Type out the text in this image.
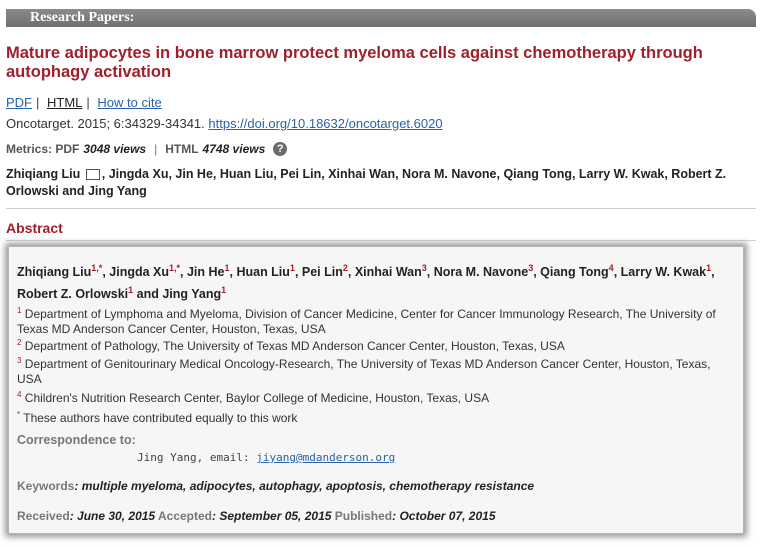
Research Papers:
Mature adipocytes in bone marrow protect myeloma cells against chemotherapy through autophagy activation
PDF | HTML | How to cite
Oncotarget. 2015; 6:34329-34341. https://doi.org/10.18632/oncotarget.6020
Metrics:
PDF 3048 views | HTML 4748 views	?
Zhiqiang Liu , Jingda Xu, Jin He, Huan Liu, Pei Lin, Xinhai Wan, Nora M. Navone, Qiang Tong, Larry W. Kwak, Robert Z. Orlowski and Jing Yang
Abstract
Zhiqiang Liu$^{1,*}$, Jingda $Xu^{1,*}$, Jin He$^1$, Huan Liu$^1$, Pei Lin$^2$, Xinhai Wan$^3$, Nora M. Navone$^3$, Qiang Tong$^4$, Larry W. Kwak$^1$, Robert Z. Orlowski$^1$ and Jing Yang$^1$
$^1$ Department of Lymphoma and Myeloma, Division of Cancer Medicine, Center for Cancer Immunology Research, The University of Texas MD Anderson Cancer Center, Houston, Texas, USA
$^2$ Department of Pathology, The University of Texas MD Anderson Cancer Center, Houston, Texas, USA
$^3$ Department of Genitourinary Medical Oncology-Research, The University of Texas MD Anderson Cancer Center, Houston, Texas, USA
$^4$ Children's Nutrition Research Center, Baylor College of Medicine, Houston, Texas, USA
* These authors have contributed equally to this work
Correspondence to:
Jing Yang, email: jiyang@mdanderson.org
Keywords: multiple myeloma, adipocytes, autophagy, apoptosis, chemotherapy resistance
Received: June 30, 2015 Accepted: September 05, 2015 Published: October 07, 2015
